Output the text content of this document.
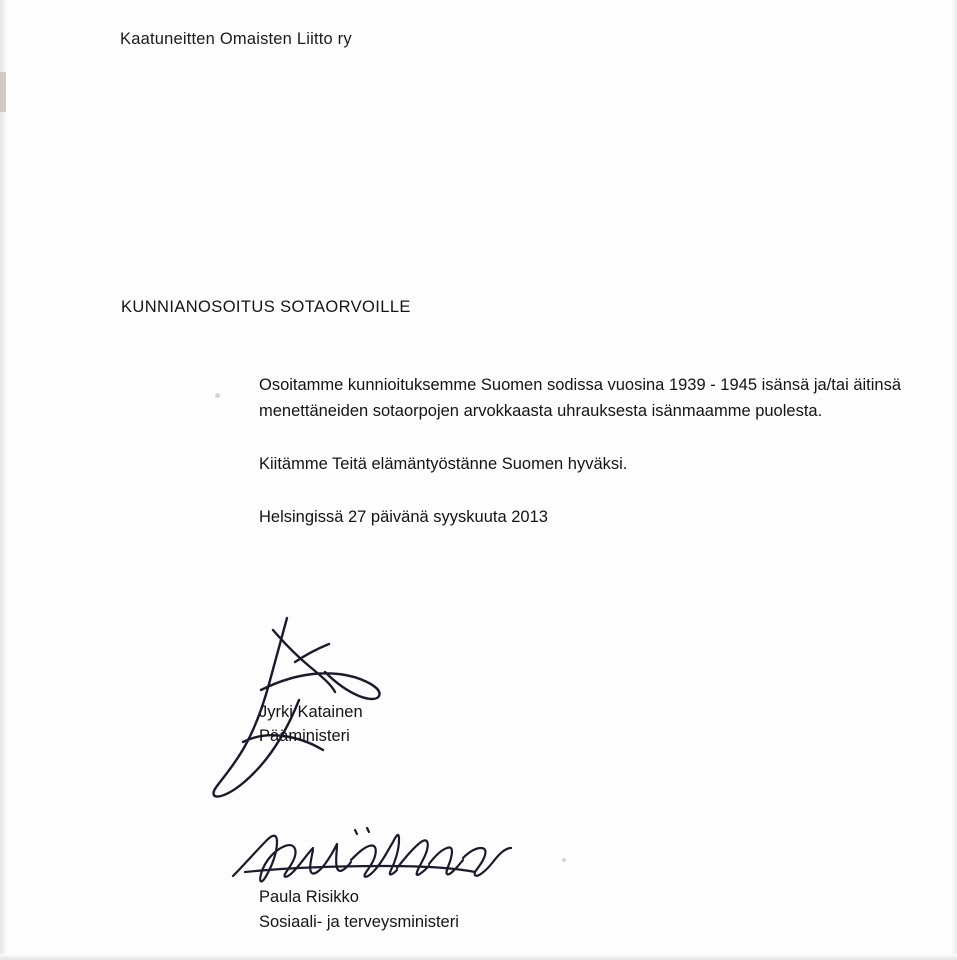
Kaatuneitten Omaisten Liitto ry
KUNNIANOSOITUS SOTAORVOILLE

Osoitamme kunnioituksemme Suomen sodissa vuosina 1939 - 1945 isänsä ja/tai äitinsä menettäneiden sotaorpojen arvokkaasta uhrauksesta isänmaamme puolesta.

Kiitämme Teitä elämäntyöstänne Suomen hyväksi.

Helsingissä 27 päivänä syyskuuta 2013

Jyrki Katainen
Pääministeri
Paula Risikko
Sosiaali- ja terveysministeri
